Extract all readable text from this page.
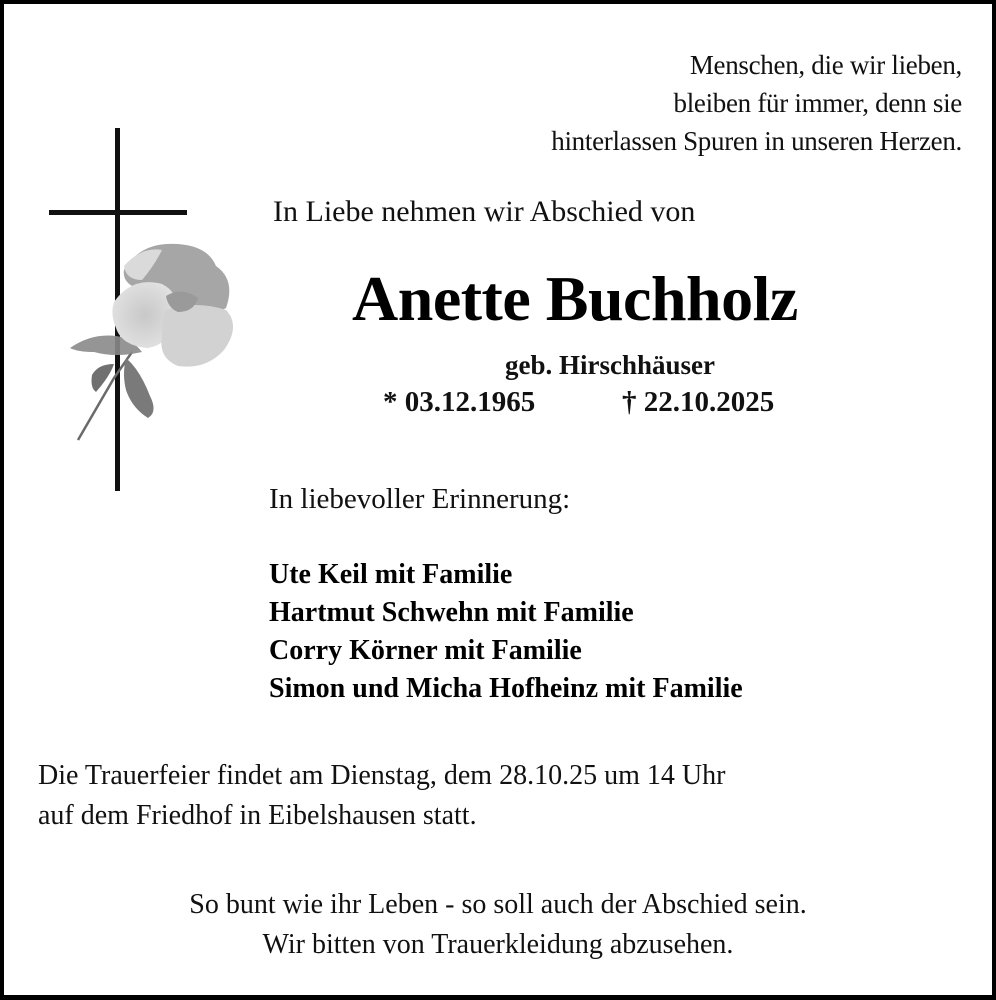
Menschen, die wir lieben,
bleiben für immer, denn sie
hinterlassen Spuren in unseren Herzen.
In Liebe nehmen wir Abschied von
Anette Buchholz
geb. Hirschhäuser
* 03.12.1965	† 22.10.2025
In liebevoller Erinnerung:
Ute Keil mit Familie
Hartmut Schwehn mit Familie
Corry Körner mit Familie
Simon und Micha Hofheinz mit Familie
Die Trauerfeier findet am Dienstag, dem 28.10.25 um 14 Uhr
auf dem Friedhof in Eibelshausen statt.
So bunt wie ihr Leben - so soll auch der Abschied sein.
Wir bitten von Trauerkleidung abzusehen.
